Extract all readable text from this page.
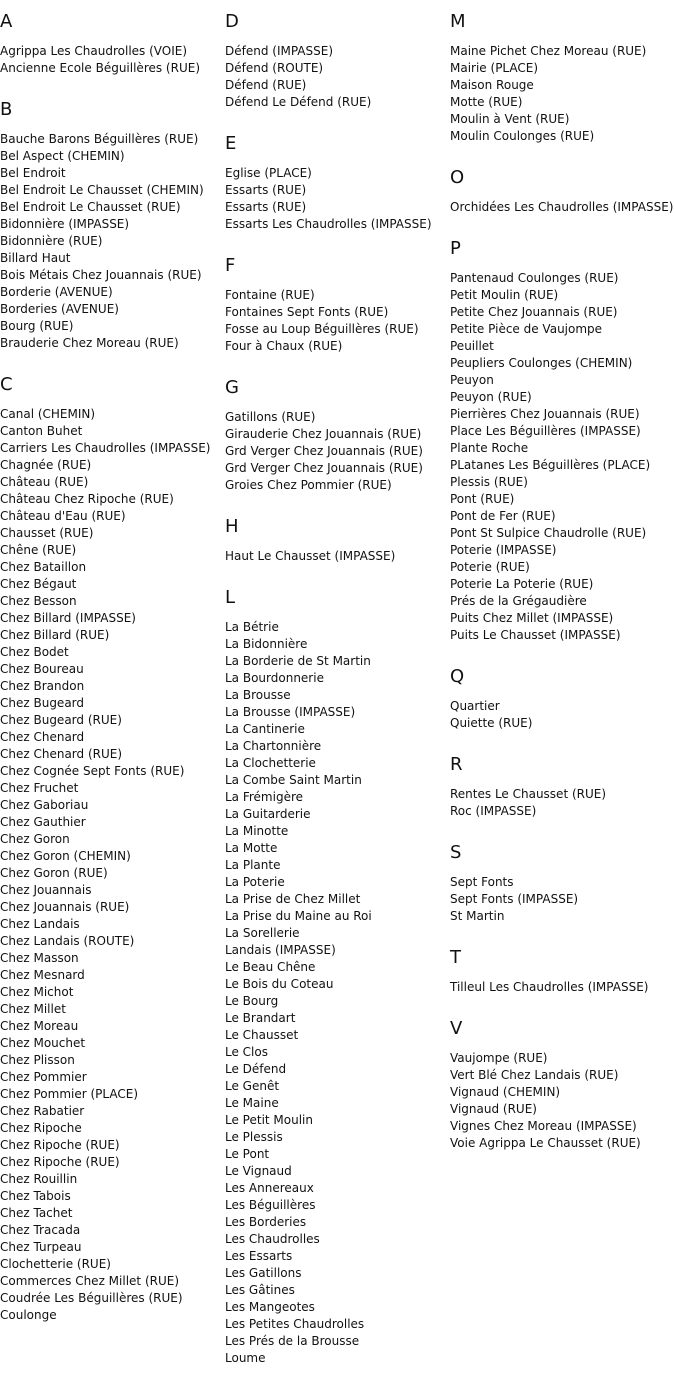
A
Agrippa Les Chaudrolles (VOIE)
Ancienne Ecole Béguillères (RUE)
B
Bauche Barons Béguillères (RUE)
Bel Aspect (CHEMIN)
Bel Endroit
Bel Endroit Le Chausset (CHEMIN)
Bel Endroit Le Chausset (RUE)
Bidonnière (IMPASSE)
Bidonnière (RUE)
Billard Haut
Bois Métais Chez Jouannais (RUE)
Borderie (AVENUE)
Borderies (AVENUE)
Bourg (RUE)
Brauderie Chez Moreau (RUE)
C
Canal (CHEMIN)
Canton Buhet
Carriers Les Chaudrolles (IMPASSE)
Chagnée (RUE)
Château (RUE)
Château Chez Ripoche (RUE)
Château d'Eau (RUE)
Chausset (RUE)
Chêne (RUE)
Chez Bataillon
Chez Bégaut
Chez Besson
Chez Billard (IMPASSE)
Chez Billard (RUE)
Chez Bodet
Chez Boureau
Chez Brandon
Chez Bugeard
Chez Bugeard (RUE)
Chez Chenard
Chez Chenard (RUE)
Chez Cognée Sept Fonts (RUE)
Chez Fruchet
Chez Gaboriau
Chez Gauthier
Chez Goron
Chez Goron (CHEMIN)
Chez Goron (RUE)
Chez Jouannais
Chez Jouannais (RUE)
Chez Landais
Chez Landais (ROUTE)
Chez Masson
Chez Mesnard
Chez Michot
Chez Millet
Chez Moreau
Chez Mouchet
Chez Plisson
Chez Pommier
Chez Pommier (PLACE)
Chez Rabatier
Chez Ripoche
Chez Ripoche (RUE)
Chez Ripoche (RUE)
Chez Rouillin
Chez Tabois
Chez Tachet
Chez Tracada
Chez Turpeau
Clochetterie (RUE)
Commerces Chez Millet (RUE)
Coudrée Les Béguillères (RUE)
Coulonge
D
Défend (IMPASSE)
Défend (ROUTE)
Défend (RUE)
Défend Le Défend (RUE)
E
Eglise (PLACE)
Essarts (RUE)
Essarts (RUE)
Essarts Les Chaudrolles (IMPASSE)
F
Fontaine (RUE)
Fontaines Sept Fonts (RUE)
Fosse au Loup Béguillères (RUE)
Four à Chaux (RUE)
G
Gatillons (RUE)
Girauderie Chez Jouannais (RUE)
Grd Verger Chez Jouannais (RUE)
Grd Verger Chez Jouannais (RUE)
Groies Chez Pommier (RUE)
H
Haut Le Chausset (IMPASSE)
L
La Bétrie
La Bidonnière
La Borderie de St Martin
La Bourdonnerie
La Brousse
La Brousse (IMPASSE)
La Cantinerie
La Chartonnière
La Clochetterie
La Combe Saint Martin
La Frémigère
La Guitarderie
La Minotte
La Motte
La Plante
La Poterie
La Prise de Chez Millet
La Prise du Maine au Roi
La Sorellerie
Landais (IMPASSE)
Le Beau Chêne
Le Bois du Coteau
Le Bourg
Le Brandart
Le Chausset
Le Clos
Le Défend
Le Genêt
Le Maine
Le Petit Moulin
Le Plessis
Le Pont
Le Vignaud
Les Annereaux
Les Béguillères
Les Borderies
Les Chaudrolles
Les Essarts
Les Gatillons
Les Gâtines
Les Mangeotes
Les Petites Chaudrolles
Les Prés de la Brousse
Loume
M
Maine Pichet Chez Moreau (RUE)
Mairie (PLACE)
Maison Rouge
Motte (RUE)
Moulin à Vent (RUE)
Moulin Coulonges (RUE)
O
Orchidées Les Chaudrolles (IMPASSE)
P
Pantenaud Coulonges (RUE)
Petit Moulin (RUE)
Petite Chez Jouannais (RUE)
Petite Pièce de Vaujompe
Peuillet
Peupliers Coulonges (CHEMIN)
Peuyon
Peuyon (RUE)
Pierrières Chez Jouannais (RUE)
Place Les Béguillères (IMPASSE)
Plante Roche
PLatanes Les Béguillères (PLACE)
Plessis (RUE)
Pont (RUE)
Pont de Fer (RUE)
Pont St Sulpice Chaudrolle (RUE)
Poterie (IMPASSE)
Poterie (RUE)
Poterie La Poterie (RUE)
Prés de la Grégaudière
Puits Chez Millet (IMPASSE)
Puits Le Chausset (IMPASSE)
Q
Quartier
Quiette (RUE)
R
Rentes Le Chausset (RUE)
Roc (IMPASSE)
S
Sept Fonts
Sept Fonts (IMPASSE)
St Martin
T
Tilleul Les Chaudrolles (IMPASSE)
V
Vaujompe (RUE)
Vert Blé Chez Landais (RUE)
Vignaud (CHEMIN)
Vignaud (RUE)
Vignes Chez Moreau (IMPASSE)
Voie Agrippa Le Chausset (RUE)
